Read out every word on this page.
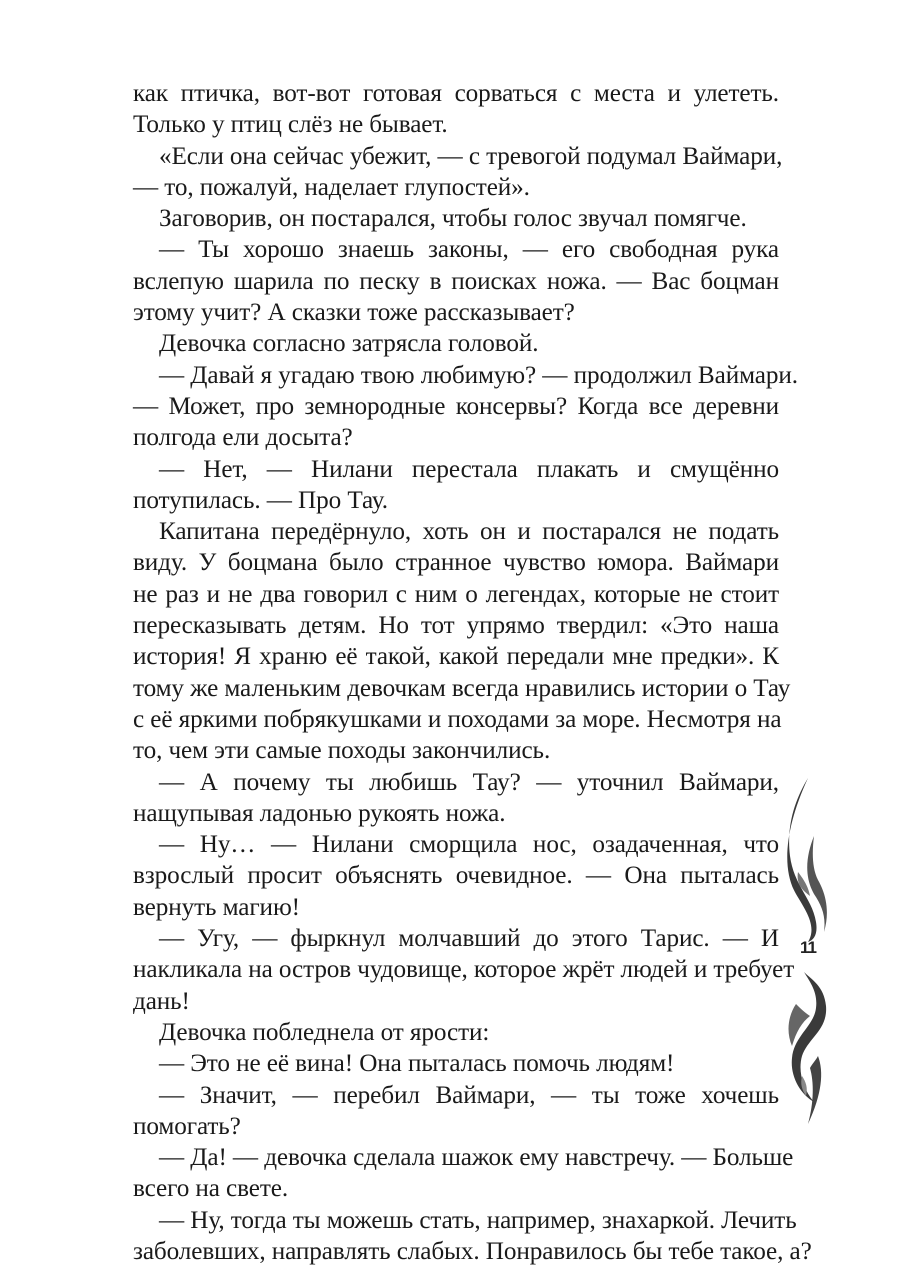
как птичка, вот-вот готовая сорваться с места и улететь.
Только у птиц слёз не бывает.
«Если она сейчас убежит, — с тревогой подумал Ваймари,
— то, пожалуй, наделает глупостей».
Заговорив, он постарался, чтобы голос звучал помягче.
— Ты хорошо знаешь законы, — его свободная рука
вслепую шарила по песку в поисках ножа. — Вас боцман
этому учит? А сказки тоже рассказывает?
Девочка согласно затрясла головой.
— Давай я угадаю твою любимую? — продолжил Ваймари.
— Может, про земнородные консервы? Когда все деревни
полгода ели досыта?
— Нет, — Нилани перестала плакать и смущённо
потупилась. — Про Тау.
Капитана передёрнуло, хоть он и постарался не подать
виду. У боцмана было странное чувство юмора. Ваймари
не раз и не два говорил с ним о легендах, которые не стоит
пересказывать детям. Но тот упрямо твердил: «Это наша
история! Я храню её такой, какой передали мне предки». К
тому же маленьким девочкам всегда нравились истории о Тау
с её яркими побрякушками и походами за море. Несмотря на
то, чем эти самые походы закончились.
— А почему ты любишь Тау? — уточнил Ваймари,
нащупывая ладонью рукоять ножа.
— Ну… — Нилани сморщила нос, озадаченная, что
взрослый просит объяснять очевидное. — Она пыталась
вернуть магию!
— Угу, — фыркнул молчавший до этого Тарис. — И
накликала на остров чудовище, которое жрёт людей и требует
дань!
Девочка побледнела от ярости:
— Это не её вина! Она пыталась помочь людям!
— Значит, — перебил Ваймари, — ты тоже хочешь
помогать?
— Да! — девочка сделала шажок ему навстречу. — Больше
всего на свете.
— Ну, тогда ты можешь стать, например, знахаркой. Лечить
заболевших, направлять слабых. Понравилось бы тебе такое, а?
11
